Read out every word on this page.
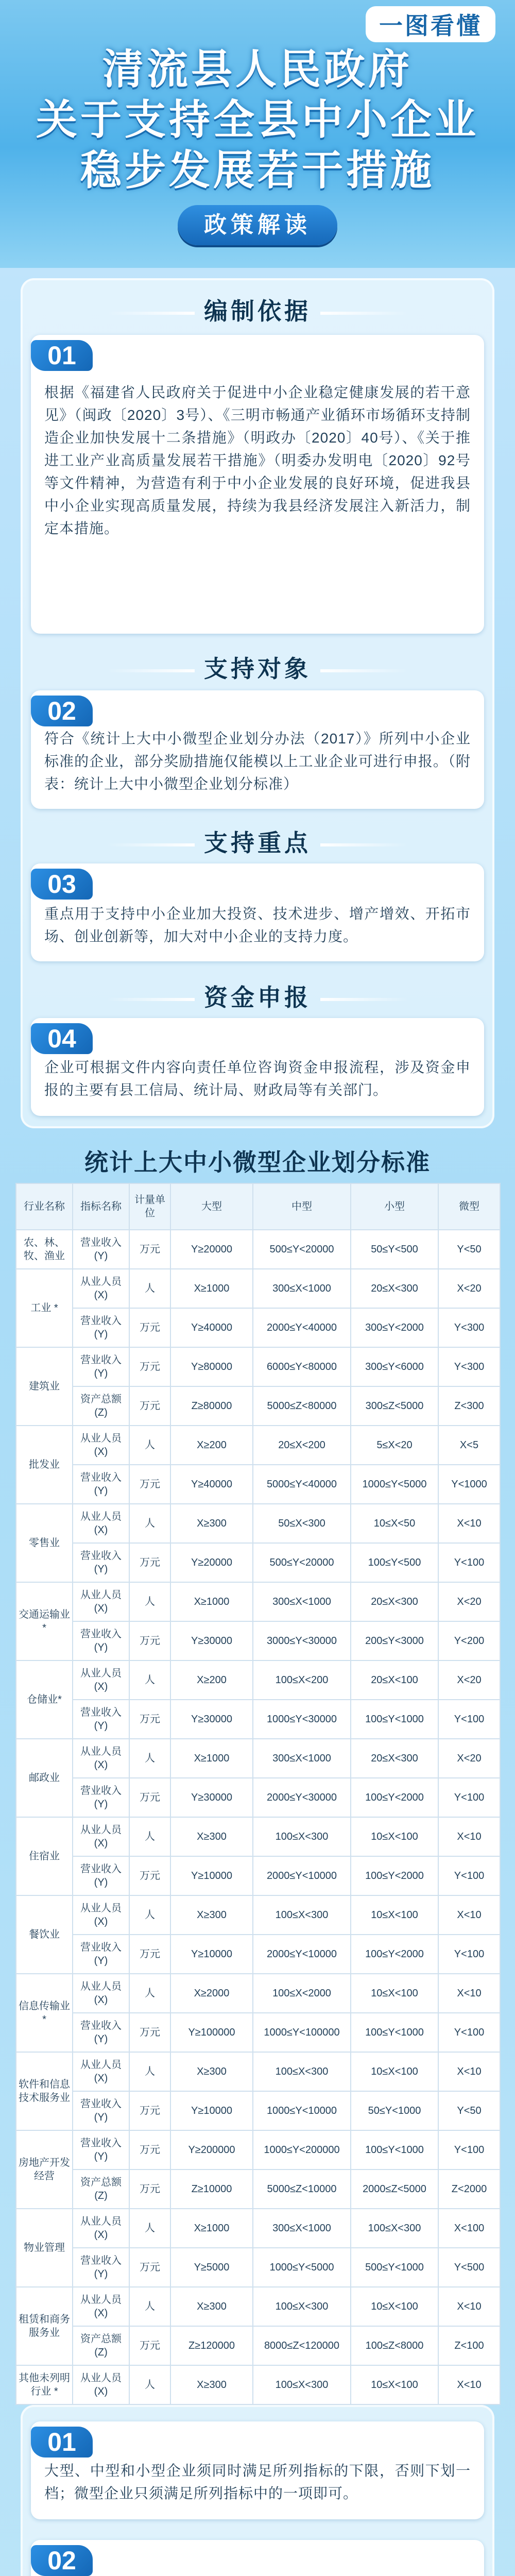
一图看懂
清流县人民政府
关于支持全县中小企业
稳步发展若干措施
政策解读
编制依据

根据《福建省人民政府关于促进中小企业稳定健康发展的若干意见》（闽政〔2020〕3号）、《三明市畅通产业循环市场循环支持制造企业加快发展十二条措施》（明政办〔2020〕40号）、《关于推进工业产业高质量发展若干措施》（明委办发明电〔2020〕92号等文件精神，为营造有利于中小企业发展的良好环境，促进我县中小企业实现高质量发展，持续为我县经济发展注入新活力，制定本措施。

01
支持对象

符合《统计上大中小微型企业划分办法（2017）》所列中小企业标准的企业，部分奖励措施仅能模以上工业企业可进行申报。（附表：统计上大中小微型企业划分标准）

02
支持重点

重点用于支持中小企业加大投资、技术进步、增产增效、开拓市场、创业创新等，加大对中小企业的支持力度。

03
资金申报

企业可根据文件内容向责任单位咨询资金申报流程，涉及资金申报的主要有县工信局、统计局、财政局等有关部门。

04
统计上大中小微型企业划分标准
行业名称	指标名称	计量单位	大型	中型	小型	微型
农、林、牧、渔业	营业收入(Y)	万元	Y≥20000	500≤Y<20000	50≤Y<500	Y<50
工业 *	从业人员(X)	人	X≥1000	300≤X<1000	20≤X<300	X<20
	营业收入(Y)	万元	Y≥40000	2000≤Y<40000	300≤Y<2000	Y<300
建筑业	营业收入(Y)	万元	Y≥80000	6000≤Y<80000	300≤Y<6000	Y<300
	资产总额(Z)	万元	Z≥80000	5000≤Z<80000	300≤Z<5000	Z<300
批发业	从业人员(X)	人	X≥200	20≤X<200	5≤X<20	X<5
	营业收入(Y)	万元	Y≥40000	5000≤Y<40000	1000≤Y<5000	Y<1000
零售业	从业人员(X)	人	X≥300	50≤X<300	10≤X<50	X<10
	营业收入(Y)	万元	Y≥20000	500≤Y<20000	100≤Y<500	Y<100
交通运输业 *	从业人员(X)	人	X≥1000	300≤X<1000	20≤X<300	X<20
	营业收入(Y)	万元	Y≥30000	3000≤Y<30000	200≤Y<3000	Y<200
仓储业*	从业人员(X)	人	X≥200	100≤X<200	20≤X<100	X<20
	营业收入(Y)	万元	Y≥30000	1000≤Y<30000	100≤Y<1000	Y<100
邮政业	从业人员(X)	人	X≥1000	300≤X<1000	20≤X<300	X<20
	营业收入(Y)	万元	Y≥30000	2000≤Y<30000	100≤Y<2000	Y<100
住宿业	从业人员(X)	人	X≥300	100≤X<300	10≤X<100	X<10
	营业收入(Y)	万元	Y≥10000	2000≤Y<10000	100≤Y<2000	Y<100
餐饮业	从业人员(X)	人	X≥300	100≤X<300	10≤X<100	X<10
	营业收入(Y)	万元	Y≥10000	2000≤Y<10000	100≤Y<2000	Y<100
信息传输业 *	从业人员(X)	人	X≥2000	100≤X<2000	10≤X<100	X<10
	营业收入(Y)	万元	Y≥100000	1000≤Y<100000	100≤Y<1000	Y<100
软件和信息技术服务业	从业人员(X)	人	X≥300	100≤X<300	10≤X<100	X<10
	营业收入(Y)	万元	Y≥10000	1000≤Y<10000	50≤Y<1000	Y<50
房地产开发经营	营业收入(Y)	万元	Y≥200000	1000≤Y<200000	100≤Y<1000	Y<100
	资产总额(Z)	万元	Z≥10000	5000≤Z<10000	2000≤Z<5000	Z<2000
物业管理	从业人员(X)	人	X≥1000	300≤X<1000	100≤X<300	X<100
	营业收入(Y)	万元	Y≥5000	1000≤Y<5000	500≤Y<1000	Y<500
租赁和商务服务业	从业人员(X)	人	X≥300	100≤X<300	10≤X<100	X<10
	资产总额(Z)	万元	Z≥120000	8000≤Z<120000	100≤Z<8000	Z<100
其他未列明行业 *	从业人员(X)	人	X≥300	100≤X<300	10≤X<100	X<10

大型、中型和小型企业须同时满足所列指标的下限，否则下划一档；微型企业只须满足所列指标中的一项即可。

01

02
